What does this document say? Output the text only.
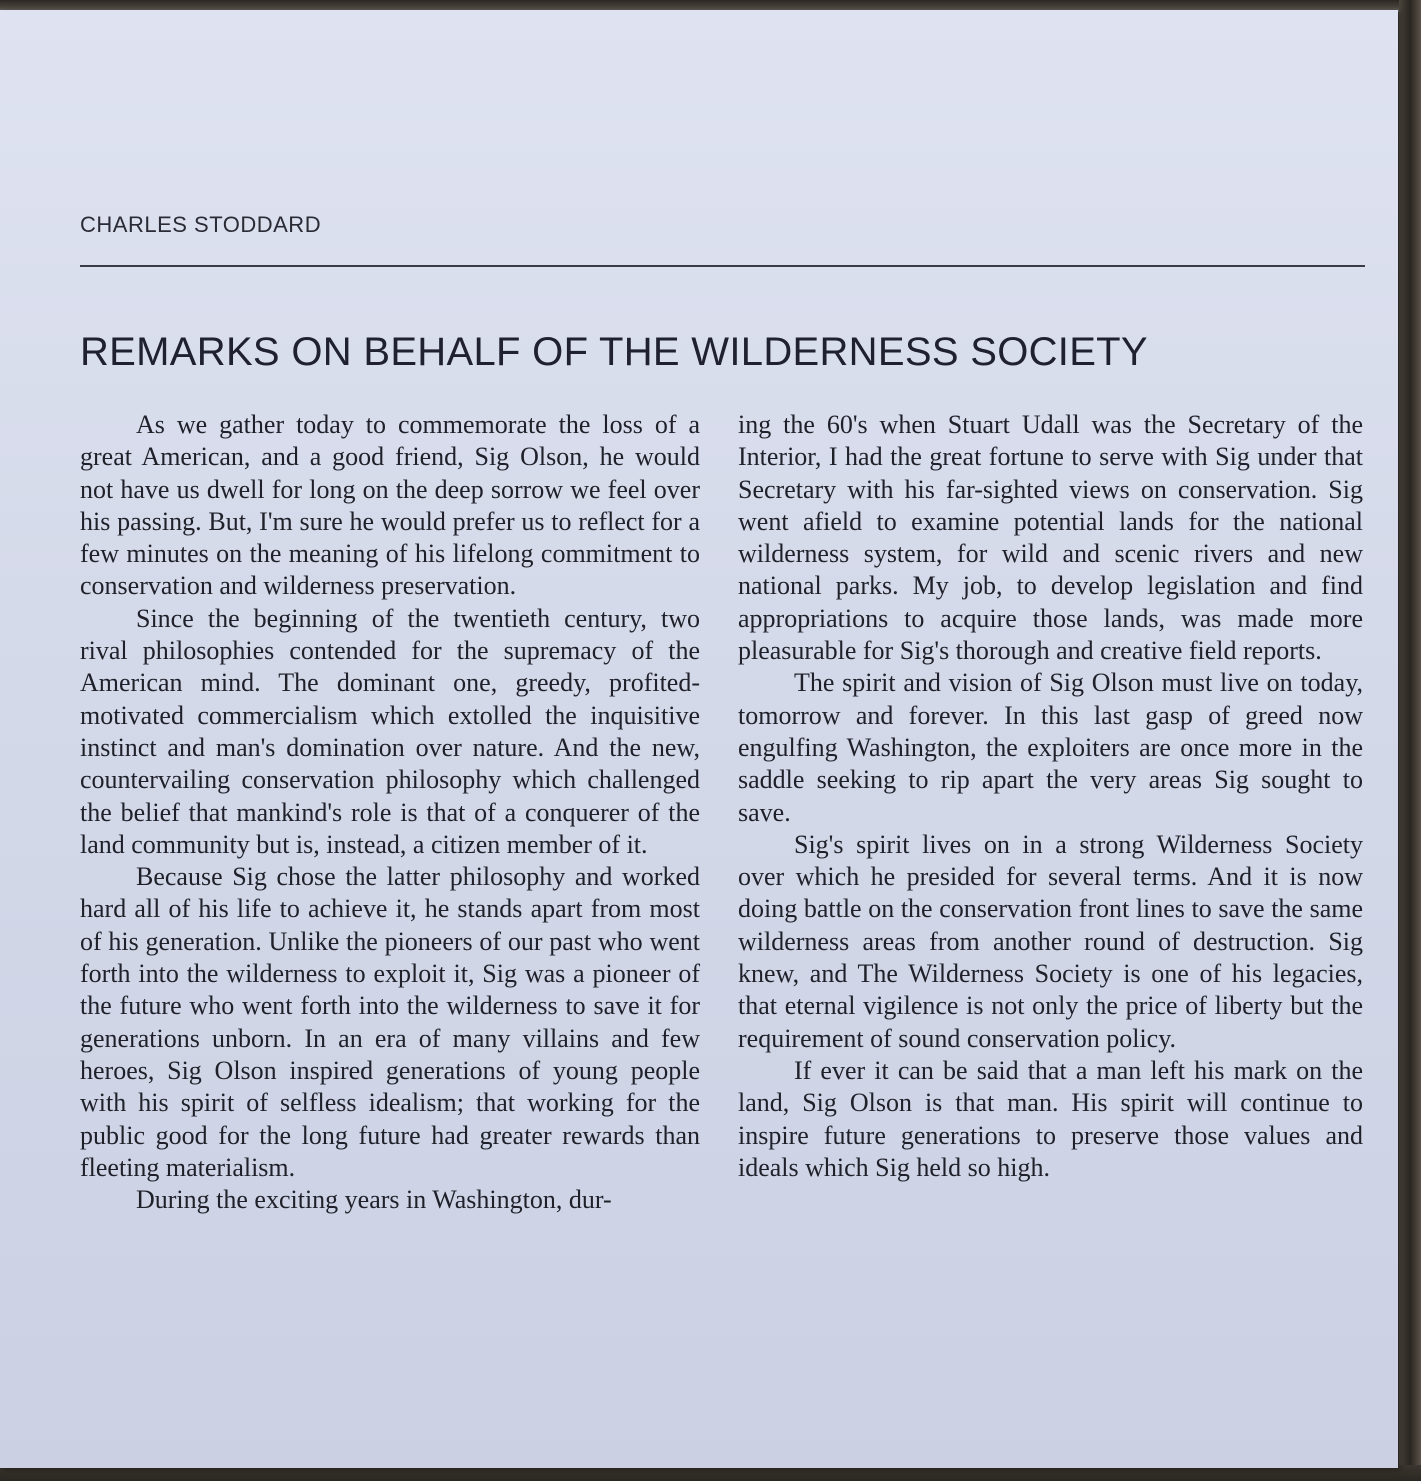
CHARLES STODDARD
REMARKS ON BEHALF OF THE WILDERNESS SOCIETY

As we gather today to commemorate the loss of a great American, and a good friend, Sig Olson, he would not have us dwell for long on the deep sorrow we feel over his passing. But, I'm sure he would prefer us to reflect for a few minutes on the meaning of his lifelong commitment to conservation and wilderness preservation.

Since the beginning of the twentieth century, two rival philosophies contended for the supremacy of the American mind. The dominant one, greedy, profited-motivated commercialism which extolled the inquisitive instinct and man's domination over nature. And the new, countervailing conservation philosophy which challenged the belief that mankind's role is that of a conquerer of the land community but is, instead, a citizen member of it.

Because Sig chose the latter philosophy and worked hard all of his life to achieve it, he stands apart from most of his generation. Unlike the pioneers of our past who went forth into the wilderness to exploit it, Sig was a pioneer of the future who went forth into the wilderness to save it for generations unborn. In an era of many villains and few heroes, Sig Olson inspired generations of young people with his spirit of selfless idealism; that working for the public good for the long future had greater rewards than fleeting materialism.

During the exciting years in Washington, dur-

ing the 60's when Stuart Udall was the Secretary of the Interior, I had the great fortune to serve with Sig under that Secretary with his far-sighted views on conservation. Sig went afield to examine potential lands for the national wilderness system, for wild and scenic rivers and new national parks. My job, to develop legislation and find appropriations to acquire those lands, was made more pleasurable for Sig's thorough and creative field reports.

The spirit and vision of Sig Olson must live on today, tomorrow and forever. In this last gasp of greed now engulfing Washington, the exploiters are once more in the saddle seeking to rip apart the very areas Sig sought to save.

Sig's spirit lives on in a strong Wilderness Society over which he presided for several terms. And it is now doing battle on the conservation front lines to save the same wilderness areas from another round of destruction. Sig knew, and The Wilderness Society is one of his legacies, that eternal vigilence is not only the price of liberty but the requirement of sound conservation policy.

If ever it can be said that a man left his mark on the land, Sig Olson is that man. His spirit will continue to inspire future generations to preserve those values and ideals which Sig held so high.
